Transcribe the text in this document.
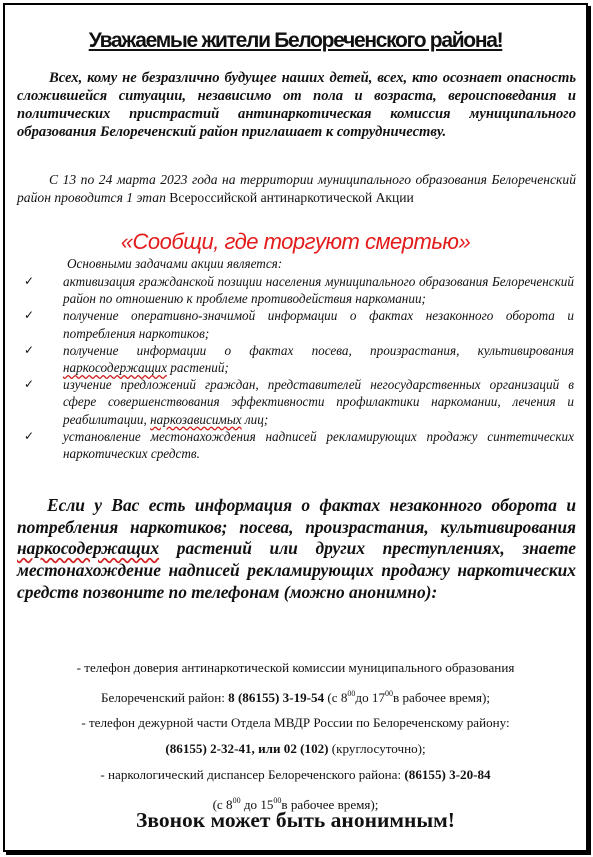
Уважаемые жители Белореченского района!

Всех, кому не безразлично будущее наших детей, всех, кто осознает опасность сложившейся ситуации, независимо от пола и возраста, вероисповедания и политических пристрастий антинаркотическая комиссия муниципального образования Белореченский район приглашает к сотрудничеству.

С 13 по 24 марта 2023 года на территории муниципального образования Белореченский район проводится 1 этап Всероссийской антинаркотической Акции

«Сообщи, где торгуют смертью»
Основными задачами акции является:
✓ активизация гражданской позиции населения муниципального образования Белореченский район по отношению к проблеме противодействия наркомании;
✓ получение оперативно-значимой информации о фактах незаконного оборота и потребления наркотиков;
✓ получение информации о фактах посева, произрастания, культивирования наркосодержащих растений;
✓ изучение предложений граждан, представителей негосударственных организаций в сфере совершенствования эффективности профилактики наркомании, лечения и реабилитации, наркозависимых лиц;
✓ установление местонахождения надписей рекламирующих продажу синтетических наркотических средств.

Если у Вас есть информация о фактах незаконного оборота и потребления наркотиков; посева, произрастания, культивирования наркосодержащих растений или других преступлениях, знаете местонахождение надписей рекламирующих продажу наркотических средств позвоните по телефонам (можно анонимно):

- телефон доверия антинаркотической комиссии муниципального образования
Белореченский район: 8 (86155) 3-19-54 (с $8^{00}до$ $17^{00}в$ рабочее время);
- телефон дежурной части Отдела МВДР России по Белореченскому району:
(86155) 2-32-41, или 02 (102) (круглосуточно);
- наркологический диспансер Белореченского района: (86155) 3-20-84
(с $8^{00}$ до $15^{00}в$ рабочее время);
Звонок может быть анонимным!
